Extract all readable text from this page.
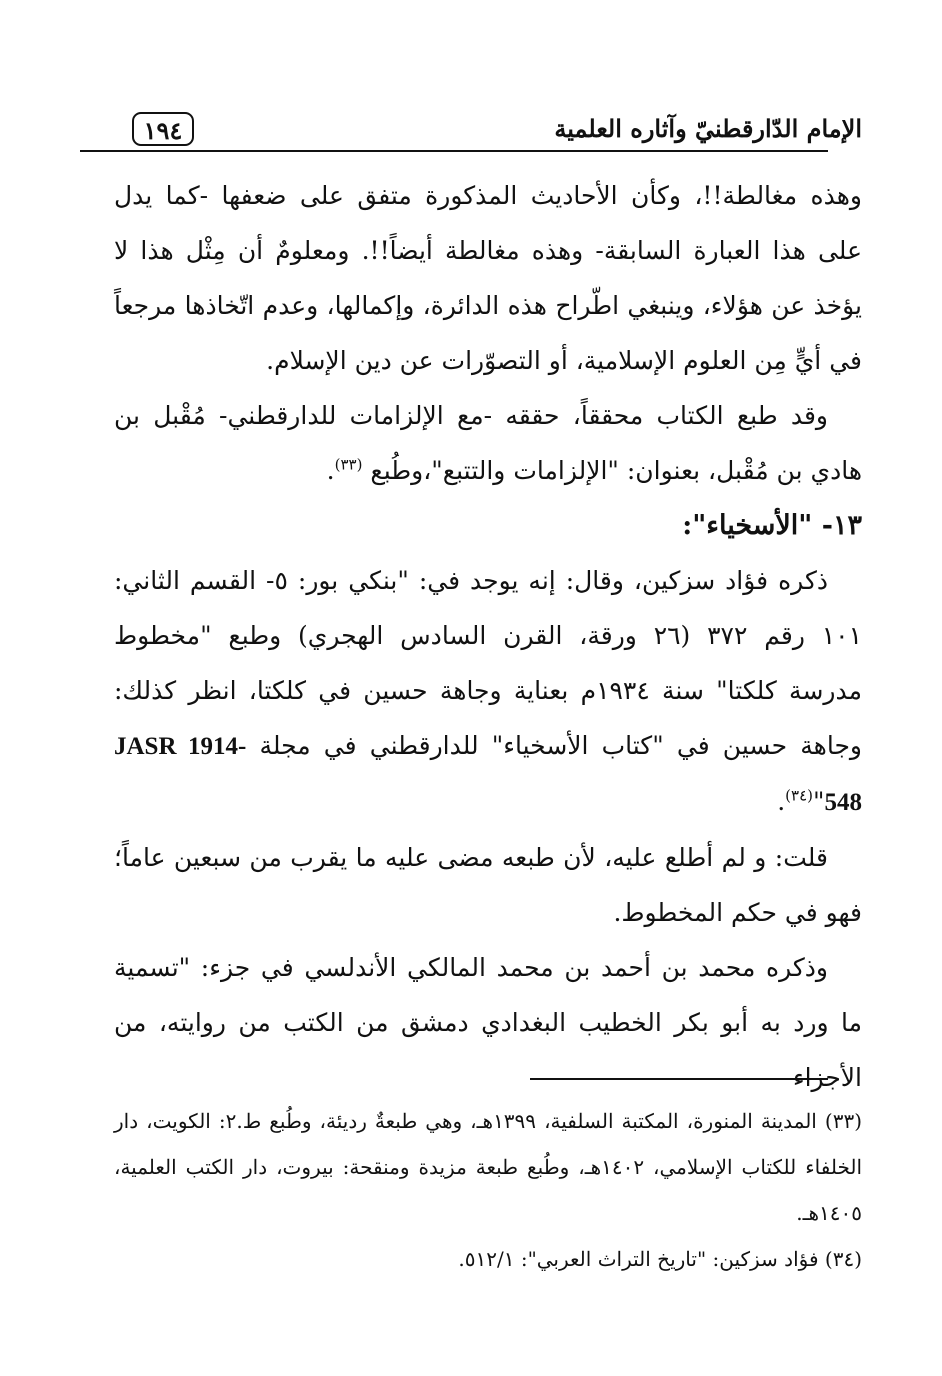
١٩٤	الإمام الدّارقطنيّ وآثاره العلمية

وهذه مغالطة!!، وكأن الأحاديث المذكورة متفق على ضعفها -كما يدل على هذا العبارة السابقة- وهذه مغالطة أيضاً!!. ومعلومٌ أن مِثْل هذا لا يؤخذ عن هؤلاء، وينبغي اطّراح هذه الدائرة، وإكمالها، وعدم اتّخاذها مرجعاً في أيٍّ مِن العلوم الإسلامية، أو التصوّرات عن دين الإسلام.

وقد طبع الكتاب محققاً، حققه -مع الإلزامات للدارقطني- مُقْبل بن هادي بن مُقْبل، بعنوان: "الإلزامات والتتبع"،وطُبع $^{(٣٣)}$.

١٣- "الأسخياء":

ذكره فؤاد سزكين، وقال: إنه يوجد في: "بنكي بور: ٥- القسم الثاني: ١٠١ رقم ٣٧٢ (٢٦ ورقة، القرن السادس الهجري) وطبع "مخطوط مدرسة كلكتا" سنة ١٩٣٤م بعناية وجاهة حسين في كلكتا، انظر كذلك: وجاهة حسين في "كتاب الأسخياء" للدارقطني في مجلة JASR 1914-548"$^{(٣٤)}$.

قلت: و لم أطلع عليه، لأن طبعه مضى عليه ما يقرب من سبعين عاماً؛ فهو في حكم المخطوط.

وذكره محمد بن أحمد بن محمد المالكي الأندلسي في جزء: "تسمية ما ورد به أبو بكر الخطيب البغدادي دمشق من الكتب من روايته، من الأجزاء

(٣٣) المدينة المنورة، المكتبة السلفية، ١٣٩٩هـ، وهي طبعةٌ رديئة، وطُبع ط.٢: الكويت، دار الخلفاء للكتاب الإسلامي، ١٤٠٢هـ، وطُبع طبعة مزيدة ومنقحة: بيروت، دار الكتب العلمية، ١٤٠٥هـ.

(٣٤) فؤاد سزكين: "تاريخ التراث العربي": ٥١٢/١.
